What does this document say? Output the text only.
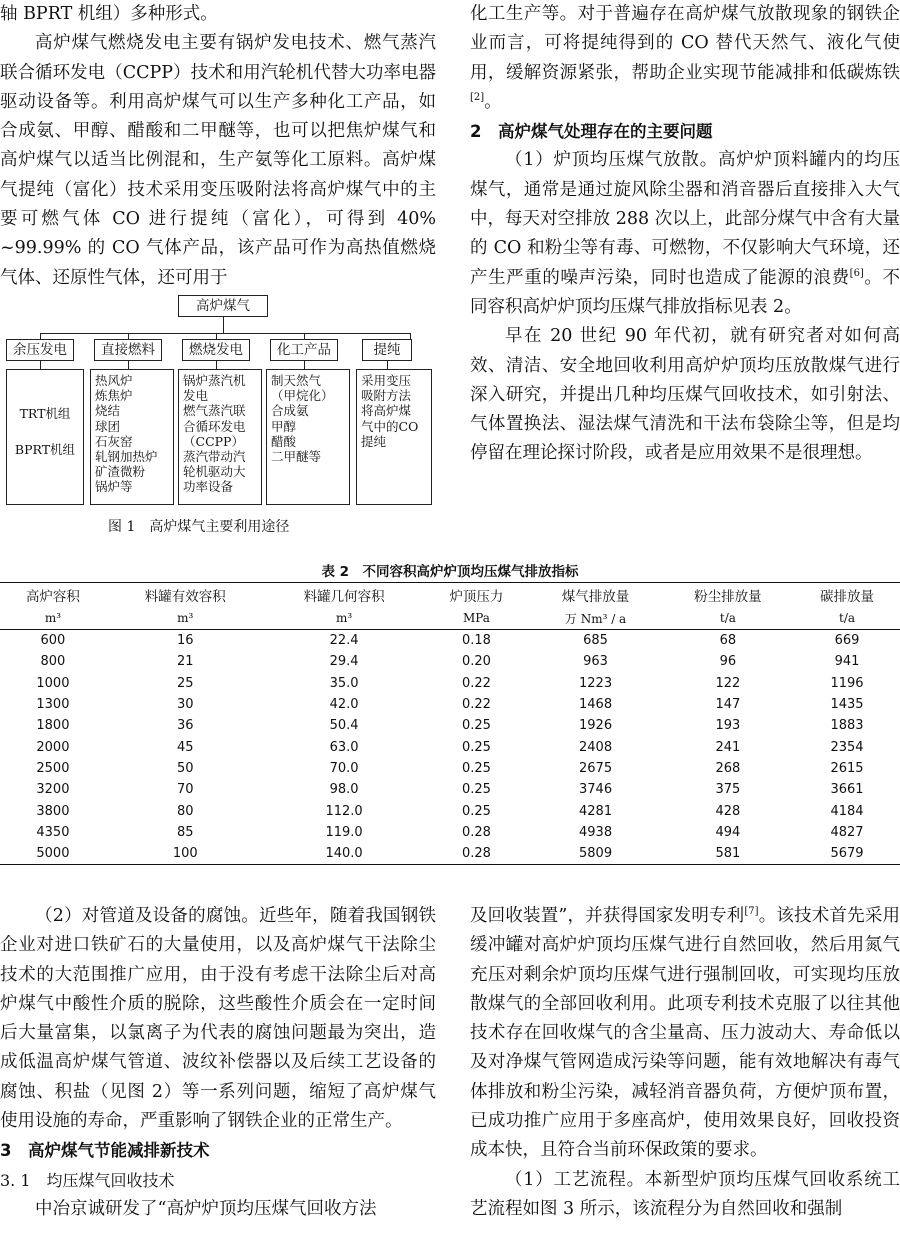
轴 BPRT 机组）多种形式。

高炉煤气燃烧发电主要有锅炉发电技术、燃气蒸汽联合循环发电（CCPP）技术和用汽轮机代替大功率电器驱动设备等。利用高炉煤气可以生产多种化工产品，如合成氨、甲醇、醋酸和二甲醚等，也可以把焦炉煤气和高炉煤气以适当比例混和，生产氨等化工原料。高炉煤气提纯（富化）技术采用变压吸附法将高炉煤气中的主要可燃气体 CO 进行提纯（富化），可得到 40% ~99.99% 的 CO 气体产品，该产品可作为高热值燃烧气体、还原性气体，还可用于

化工生产等。对于普遍存在高炉煤气放散现象的钢铁企业而言，可将提纯得到的 CO 替代天然气、液化气使用，缓解资源紧张，帮助企业实现节能减排和低碳炼铁[2]。

2　高炉煤气处理存在的主要问题

（1）炉顶均压煤气放散。高炉炉顶料罐内的均压煤气，通常是通过旋风除尘器和消音器后直接排入大气中，每天对空排放 288 次以上，此部分煤气中含有大量的 CO 和粉尘等有毒、可燃物，不仅影响大气环境，还产生严重的噪声污染，同时也造成了能源的浪费[6]。不同容积高炉炉顶均压煤气排放指标见表 2。

早在 20 世纪 90 年代初，就有研究者对如何高效、清洁、安全地回收利用高炉炉顶均压放散煤气进行深入研究，并提出几种均压煤气回收技术，如引射法、气体置换法、湿法煤气清洗和干法布袋除尘等，但是均停留在理论探讨阶段，或者是应用效果不是很理想。

高炉煤气
余压发电	直接燃料	燃烧发电	化工产品	提纯
TRT机组
BPRT机组
热风炉
炼焦炉
烧结
球团
石灰窑
轧钢加热炉
矿渣微粉
锅炉等
锅炉蒸汽机
发电
燃气蒸汽联
合循环发电
（CCPP）
蒸汽带动汽
轮机驱动大
功率设备
制天然气
（甲烷化）
合成氨
甲醇
醋酸
二甲醚等
采用变压
吸附方法
将高炉煤
气中的CO
提纯
图 1　高炉煤气主要利用途径
表 2　不同容积高炉炉顶均压煤气排放指标
高炉容积	料罐有效容积	料罐几何容积	炉顶压力	煤气排放量	粉尘排放量	碳排放量
m³	m³	m³	MPa	万 Nm³ / a	t/a	t/a
600	16	22.4	0.18	685	68	669
800	21	29.4	0.20	963	96	941
1000	25	35.0	0.22	1223	122	1196
1300	30	42.0	0.22	1468	147	1435
1800	36	50.4	0.25	1926	193	1883
2000	45	63.0	0.25	2408	241	2354
2500	50	70.0	0.25	2675	268	2615
3200	70	98.0	0.25	3746	375	3661
3800	80	112.0	0.25	4281	428	4184
4350	85	119.0	0.28	4938	494	4827
5000	100	140.0	0.28	5809	581	5679

（2）对管道及设备的腐蚀。近些年，随着我国钢铁企业对进口铁矿石的大量使用，以及高炉煤气干法除尘技术的大范围推广应用，由于没有考虑干法除尘后对高炉煤气中酸性介质的脱除，这些酸性介质会在一定时间后大量富集，以氯离子为代表的腐蚀问题最为突出，造成低温高炉煤气管道、波纹补偿器以及后续工艺设备的腐蚀、积盐（见图 2）等一系列问题，缩短了高炉煤气使用设施的寿命，严重影响了钢铁企业的正常生产。

3　高炉煤气节能减排新技术

3. 1　均压煤气回收技术

中冶京诚研发了“高炉炉顶均压煤气回收方法

及回收装置”，并获得国家发明专利[7]。该技术首先采用缓冲罐对高炉炉顶均压煤气进行自然回收，然后用氮气充压对剩余炉顶均压煤气进行强制回收，可实现均压放散煤气的全部回收利用。此项专利技术克服了以往其他技术存在回收煤气的含尘量高、压力波动大、寿命低以及对净煤气管网造成污染等问题，能有效地解决有毒气体排放和粉尘污染，减轻消音器负荷，方便炉顶布置，已成功推广应用于多座高炉，使用效果良好，回收投资成本快，且符合当前环保政策的要求。

（1）工艺流程。本新型炉顶均压煤气回收系统工艺流程如图 3 所示，该流程分为自然回收和强制
